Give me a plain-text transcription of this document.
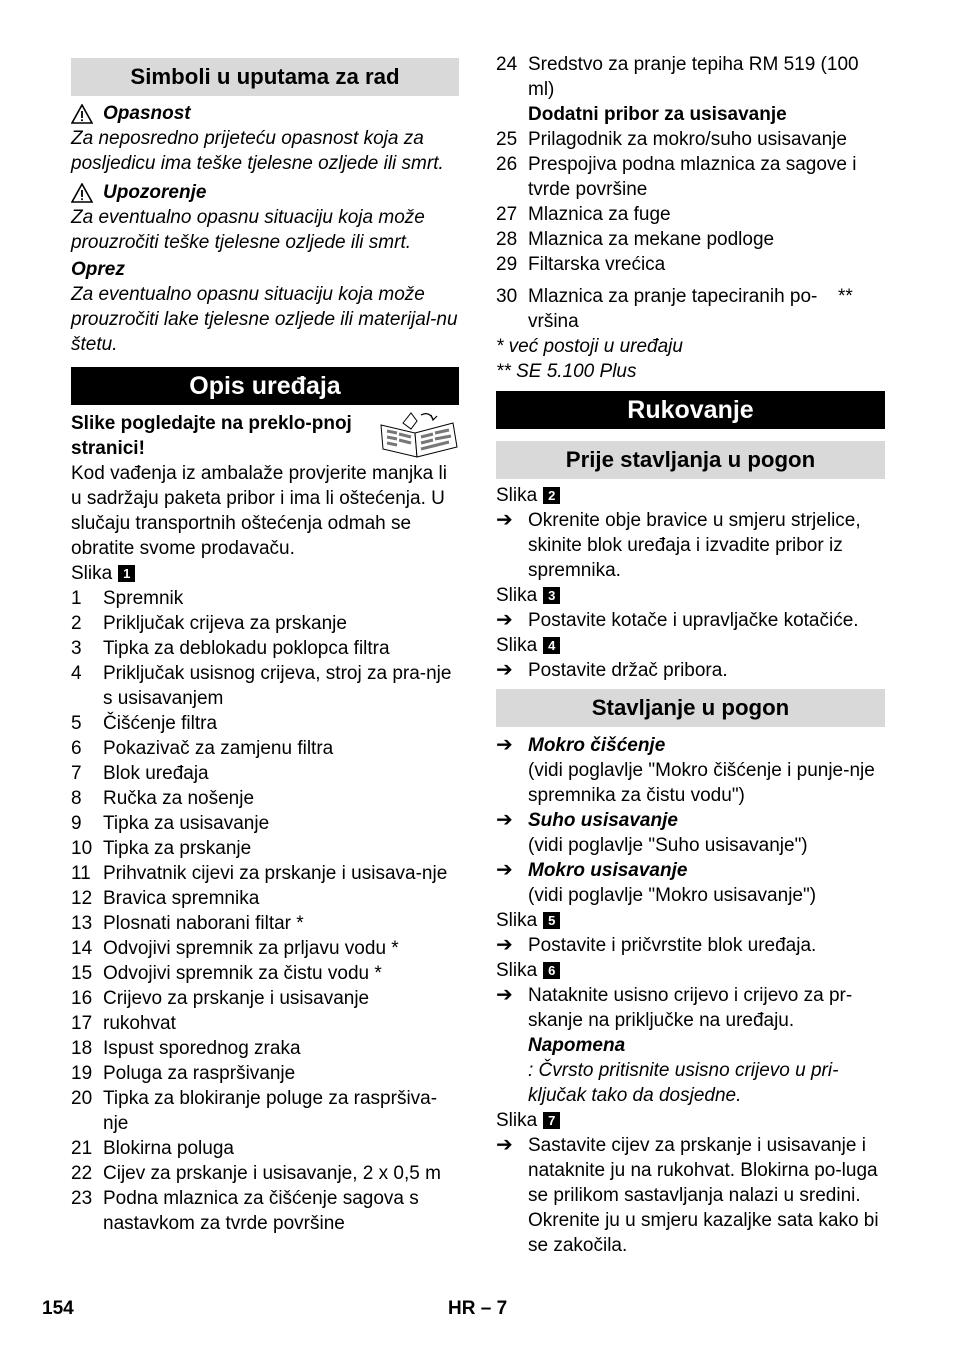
Simboli u uputama za rad
Opasnost

Za neposredno prijeteću opasnost koja za posljedicu ima teške tjelesne ozljede ili smrt.

Upozorenje

Za eventualno opasnu situaciju koja može prouzročiti teške tjelesne ozljede ili smrt.

Oprez

Za eventualno opasnu situaciju koja može prouzročiti lake tjelesne ozljede ili materijal-nu štetu.

Opis uređaja

Slike pogledajte na preklo-pnoj stranici!

Kod vađenja iz ambalaže provjerite manjka li u sadržaju paketa pribor i ima li oštećenja. U slučaju transportnih oštećenja odmah se obratite svome prodavaču.

Slika 1
1	Spremnik
2	Priključak crijeva za prskanje
3	Tipka za deblokadu poklopca filtra
4	Priključak usisnog crijeva, stroj za pra-nje s usisavanjem
5	Čišćenje filtra
6	Pokazivač za zamjenu filtra
7	Blok uređaja
8	Ručka za nošenje
9	Tipka za usisavanje
10 Tipka za prskanje
11 Prihvatnik cijevi za prskanje i usisava-nje
12 Bravica spremnika
13 Plosnati naborani filtar *
14 Odvojivi spremnik za prljavu vodu *
15 Odvojivi spremnik za čistu vodu *
16 Crijevo za prskanje i usisavanje
17 rukohvat
18 Ispust sporednog zraka
19 Poluga za raspršivanje
20 Tipka za blokiranje poluge za raspršiva-nje
21 Blokirna poluga
22 Cijev za prskanje i usisavanje, 2 x 0,5 m
23 Podna mlaznica za čišćenje sagova s nastavkom za tvrde površine
24 Sredstvo za pranje tepiha RM 519 (100 ml)

Dodatni pribor za usisavanje

25 Prilagodnik za mokro/suho usisavanje
26 Prespojiva podna mlaznica za sagove i tvrde površine
27 Mlaznica za fuge
28 Mlaznica za mekane podloge
29 Filtarska vrećica
30 Mlaznica za pranje tapeciranih po-vršina
**

* već postoji u uređaju

** SE 5.100 Plus

Rukovanje
Prije stavljanja u pogon
Slika 2
➔ Okrenite obje bravice u smjeru strjelice, skinite blok uređaja i izvadite pribor iz spremnika.
Slika 3
➔ Postavite kotače i upravljačke kotačiće.
Slika 4
➔ Postavite držač pribora.
Stavljanje u pogon
➔ Mokro čišćenje
(vidi poglavlje "Mokro čišćenje i punje-nje spremnika za čistu vodu")
➔ Suho usisavanje
(vidi poglavlje "Suho usisavanje")
➔ Mokro usisavanje
(vidi poglavlje "Mokro usisavanje")
Slika 5
➔ Postavite i pričvrstite blok uređaja.
Slika 6
➔ Nataknite usisno crijevo i crijevo za pr-skanje na priključke na uređaju.

Napomena

: Čvrsto pritisnite usisno crijevo u pri-ključak tako da dosjedne.

Slika 7
➔ Sastavite cijev za prskanje i usisavanje i nataknite ju na rukohvat. Blokirna po-luga se prilikom sastavljanja nalazi u sredini. Okrenite ju u smjeru kazaljke sata kako bi se zakočila.
154	HR – 7
